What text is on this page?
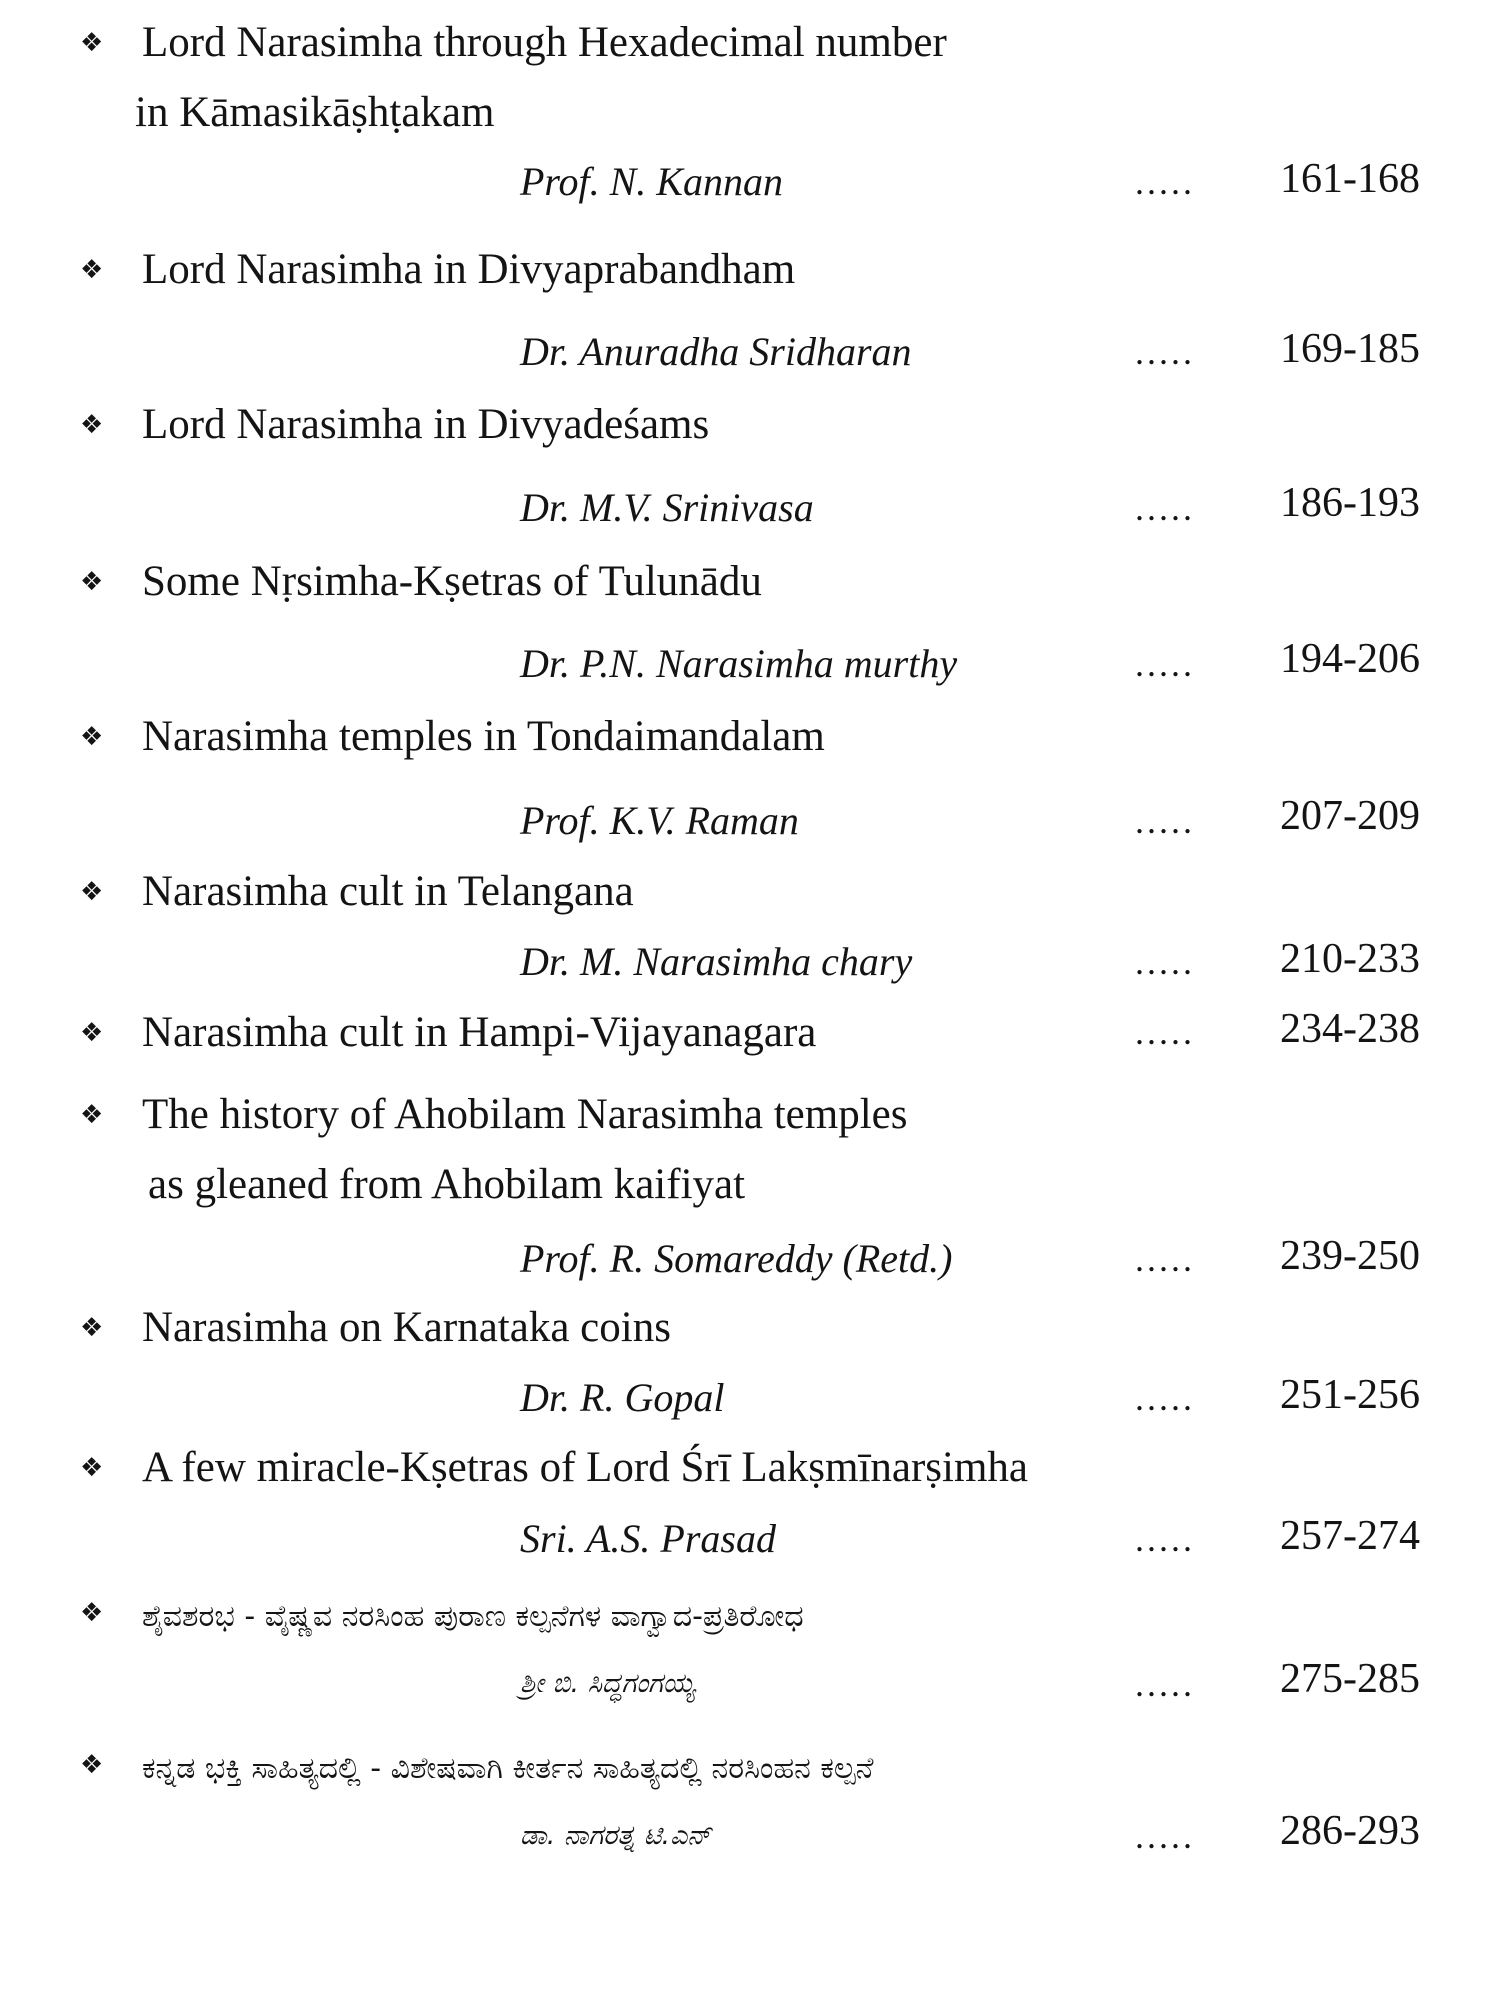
❖ Lord Narasimha through Hexadecimal number
in Kāmasikāṣhṭakam
Prof. N. Kannan	..... 161-168
❖ Lord Narasimha in Divyaprabandham
Dr. Anuradha Sridharan	..... 169-185
❖ Lord Narasimha in Divyadeśams
Dr. M.V. Srinivasa	..... 186-193
❖ Some Nṛsimha-Kṣetras of Tulunādu
Dr. P.N. Narasimha murthy	..... 194-206
❖ Narasimha temples in Tondaimandalam
Prof. K.V. Raman	..... 207-209
❖ Narasimha cult in Telangana
Dr. M. Narasimha chary	..... 210-233
❖ Narasimha cult in Hampi-Vijayanagara	..... 234-238
❖ The history of Ahobilam Narasimha temples
as gleaned from Ahobilam kaifiyat
Prof. R. Somareddy (Retd.)	..... 239-250
❖ Narasimha on Karnataka coins
Dr. R. Gopal	..... 251-256
❖ A few miracle-Kṣetras of Lord Śrī Lakṣmīnarṣimha
Sri. A.S. Prasad	..... 257-274
❖ ಶೈವಶರಭ - ವೈಷ್ಣವ ನರಸಿಂಹ ಪುರಾಣ ಕಲ್ಪನೆಗಳ ವಾಗ್ವಾದ-ಪ್ರತಿರೋಧ
ಶ್ರೀ ಬಿ. ಸಿದ್ಧಗಂಗಯ್ಯ	..... 275-285
❖ ಕನ್ನಡ ಭಕ್ತಿ ಸಾಹಿತ್ಯದಲ್ಲಿ - ವಿಶೇಷವಾಗಿ ಕೀರ್ತನ ಸಾಹಿತ್ಯದಲ್ಲಿ ನರಸಿಂಹನ ಕಲ್ಪನೆ
ಡಾ. ನಾಗರತ್ನ ಟಿ.ಎನ್	..... 286-293
